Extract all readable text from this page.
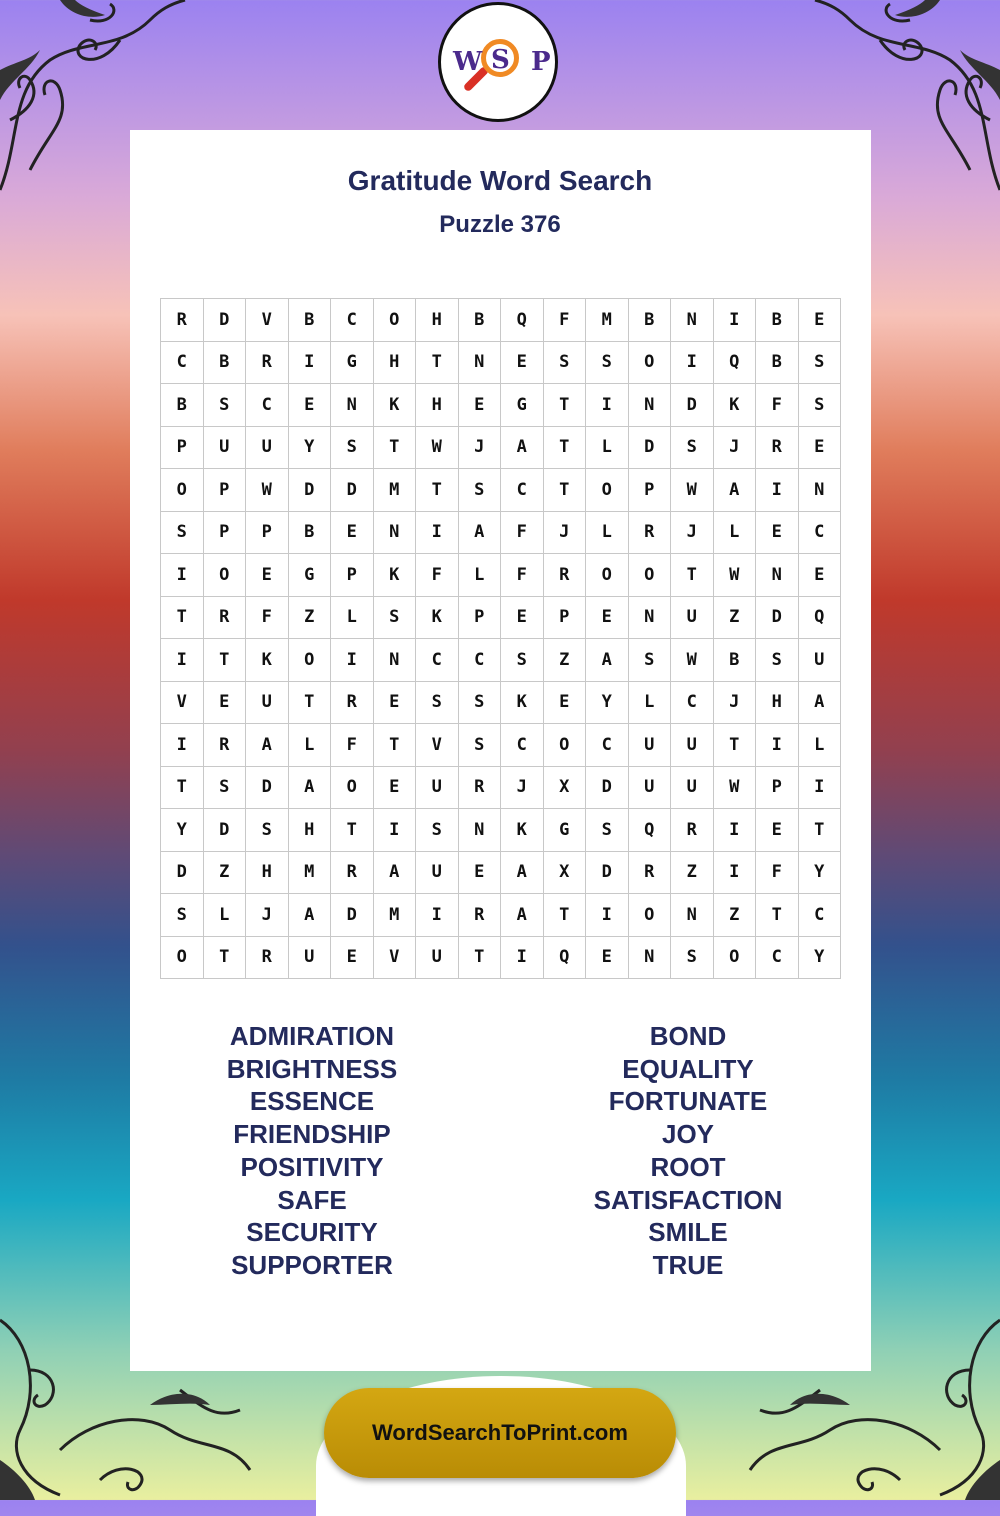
W S P
Gratitude Word Search
Puzzle 376
R	D	V	B	C	O	H	B	Q	F	M	B	N	I	B	E
C	B	R	I	G	H	T	N	E	S	S	O	I	Q	B	S
B	S	C	E	N	K	H	E	G	T	I	N	D	K	F	S
P	U	U	Y	S	T	W	J	A	T	L	D	S	J	R	E
O	P	W	D	D	M	T	S	C	T	O	P	W	A	I	N
S	P	P	B	E	N	I	A	F	J	L	R	J	L	E	C
I	O	E	G	P	K	F	L	F	R	O	O	T	W	N	E
T	R	F	Z	L	S	K	P	E	P	E	N	U	Z	D	Q
I	T	K	O	I	N	C	C	S	Z	A	S	W	B	S	U
V	E	U	T	R	E	S	S	K	E	Y	L	C	J	H	A
I	R	A	L	F	T	V	S	C	O	C	U	U	T	I	L
T	S	D	A	O	E	U	R	J	X	D	U	U	W	P	I
Y	D	S	H	T	I	S	N	K	G	S	Q	R	I	E	T
D	Z	H	M	R	A	U	E	A	X	D	R	Z	I	F	Y
S	L	J	A	D	M	I	R	A	T	I	O	N	Z	T	C
O	T	R	U	E	V	U	T	I	Q	E	N	S	O	C	Y
ADMIRATION
BRIGHTNESS
ESSENCE
FRIENDSHIP
POSITIVITY
SAFE
SECURITY
SUPPORTER
BOND
EQUALITY
FORTUNATE
JOY
ROOT
SATISFACTION
SMILE
TRUE
WordSearchToPrint.com
